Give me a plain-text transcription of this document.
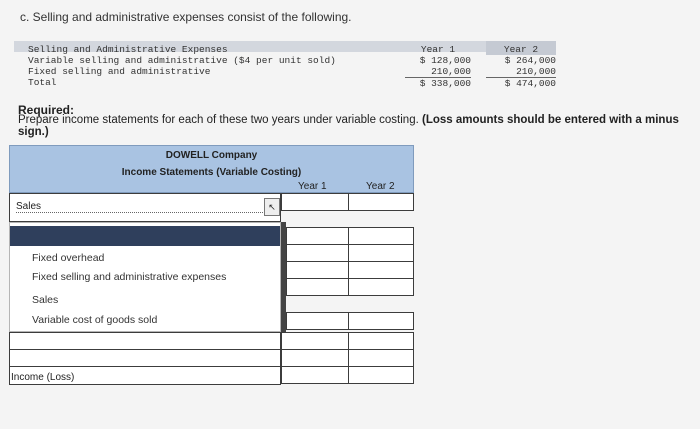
c. Selling and administrative expenses consist of the following.
Selling and Administrative Expenses
Variable selling and administrative ($4 per unit sold)
Fixed selling and administrative
Total
Year 1
$ 128,000
210,000
$ 338,000
Year 2
$ 264,000
210,000
$ 474,000
Required:
Prepare income statements for each of these two years under variable costing. (Loss amounts should be entered with a minus sign.)
DOWELL Company
Income Statements (Variable Costing)
Year 1	Year 2
Sales	↖
Fixed overhead
Fixed selling and administrative expenses
Sales
Variable cost of goods sold
Income (Loss)
